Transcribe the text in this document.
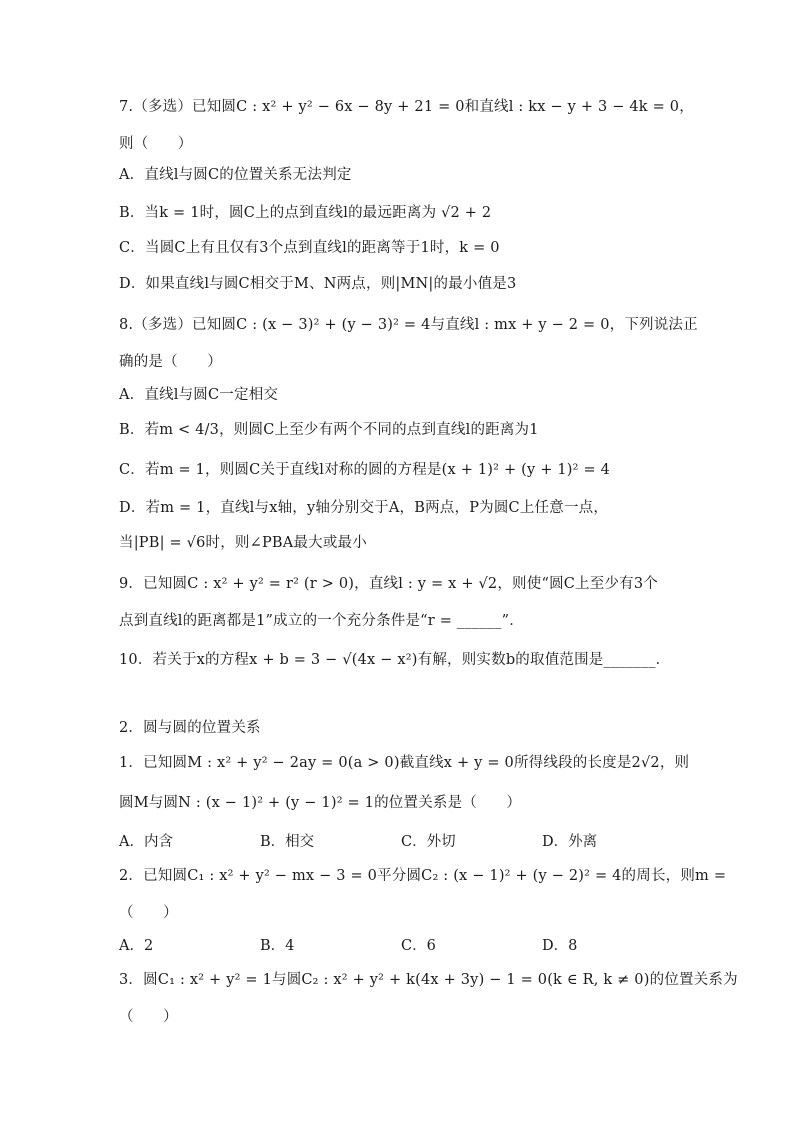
7.（多选）已知圆C : x² + y² − 6x − 8y + 21 = 0和直线l : kx − y + 3 − 4k = 0，
则（　　）
A．直线l与圆C的位置关系无法判定
B．当k = 1时，圆C上的点到直线l的最远距离为 √2 + 2
C．当圆C上有且仅有3个点到直线l的距离等于1时，k = 0
D．如果直线l与圆C相交于M、N两点，则|MN|的最小值是3
8.（多选）已知圆C : (x − 3)² + (y − 3)² = 4与直线l : mx + y − 2 = 0，下列说法正
确的是（　　）
A．直线l与圆C一定相交
B．若m < 4/3，则圆C上至少有两个不同的点到直线l的距离为1
C．若m = 1，则圆C关于直线l对称的圆的方程是(x + 1)² + (y + 1)² = 4
D．若m = 1，直线l与x轴，y轴分别交于A，B两点，P为圆C上任意一点，
当|PB| = √6时，则∠PBA最大或最小
9．已知圆C : x² + y² = r² (r > 0)，直线l : y = x + √2，则使“圆C上至少有3个
点到直线l的距离都是1”成立的一个充分条件是“r = ______”．
10．若关于x的方程x + b = 3 − √(4x − x²)有解，则实数b的取值范围是_______．
2．圆与圆的位置关系
1．已知圆M : x² + y² − 2ay = 0(a > 0)截直线x + y = 0所得线段的长度是2√2，则
圆M与圆N : (x − 1)² + (y − 1)² = 1的位置关系是（　　）
A．内含	B．相交	C．外切	D．外离
2．已知圆C₁ : x² + y² − mx − 3 = 0平分圆C₂ : (x − 1)² + (y − 2)² = 4的周长，则m =
（　　）
A．2	B．4	C．6	D．8
3．圆C₁ : x² + y² = 1与圆C₂ : x² + y² + k(4x + 3y) − 1 = 0(k ∈ R, k ≠ 0)的位置关系为
（　　）
